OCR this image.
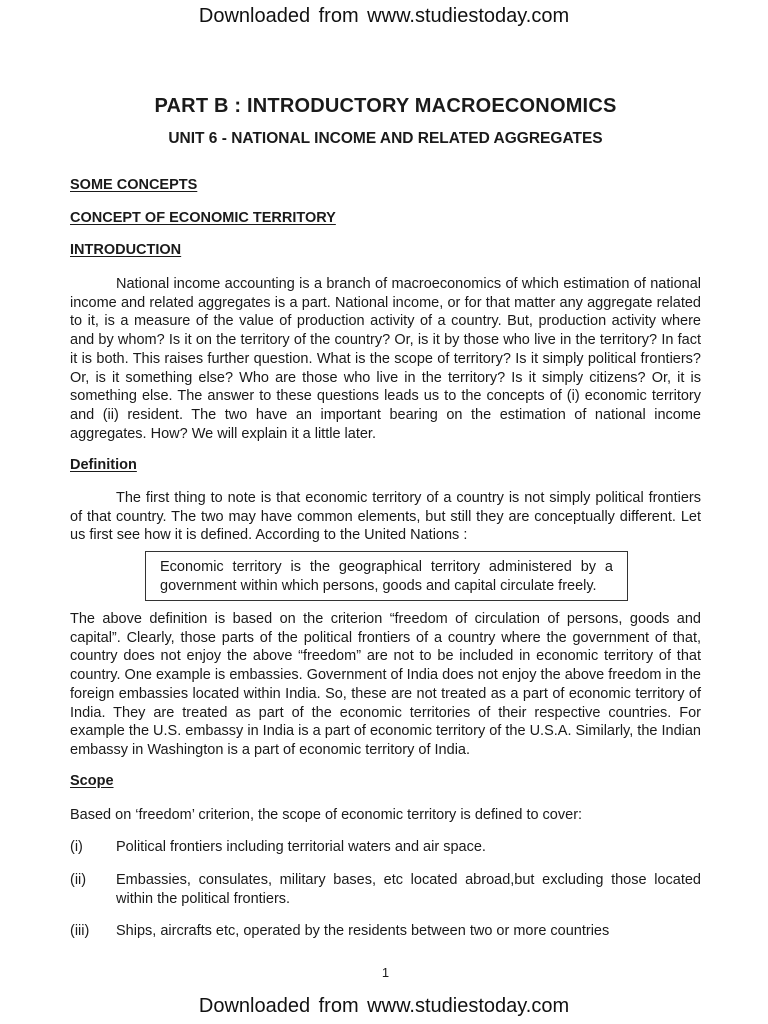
Downloaded from www.studiestoday.com
PART B : INTRODUCTORY MACROECONOMICS
UNIT 6 - NATIONAL INCOME AND RELATED AGGREGATES
SOME CONCEPTS
CONCEPT OF ECONOMIC TERRITORY
INTRODUCTION

National income accounting is a branch of macroeconomics of which estimation of national income and related aggregates is a part. National income, or for that matter any aggregate related to it, is a measure of the value of production activity of a country. But, production activity where and by whom? Is it on the territory of the country? Or, is it by those who live in the territory? In fact it is both. This raises further question. What is the scope of territory? Is it simply political frontiers? Or, is it something else? Who are those who live in the territory? Is it simply citizens? Or, it is something else. The answer to these questions leads us to the concepts of (i) economic territory and (ii) resident. The two have an important bearing on the estimation of national income aggregates. How? We will explain it a little later.

Definition

The first thing to note is that economic territory of a country is not simply political frontiers of that country. The two may have common elements, but still they are conceptually different. Let us first see how it is defined. According to the United Nations :

Economic territory is the geographical territory administered by a government within which persons, goods and capital circulate freely.

The above definition is based on the criterion “freedom of circulation of persons, goods and capital”. Clearly, those parts of the political frontiers of a country where the government of that, country does not enjoy the above “freedom” are not to be included in economic territory of that country. One example is embassies. Government of India does not enjoy the above freedom in the foreign embassies located within India. So, these are not treated as a part of economic territory of India. They are treated as part of the economic territories of their respective countries. For example the U.S. embassy in India is a part of economic territory of the U.S.A. Similarly, the Indian embassy in Washington is a part of economic territory of India.

Scope

Based on ‘freedom’ criterion, the scope of economic territory is defined to cover:

(i) Political frontiers including territorial waters and air space.
(ii) Embassies, consulates, military bases, etc located abroad,but excluding those located within the political frontiers.
(iii) Ships, aircrafts etc, operated by the residents between two or more countries
1
Downloaded from www.studiestoday.com
